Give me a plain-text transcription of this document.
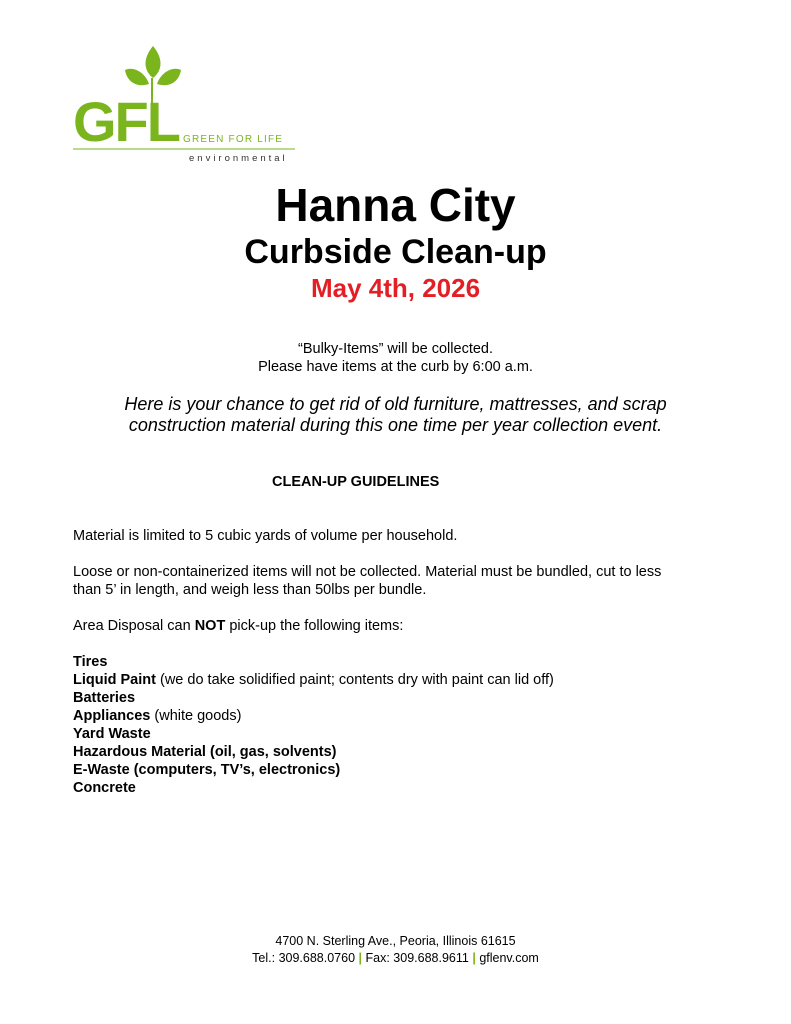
GFL GREEN FOR LIFE
environmental
Hanna City
Curbside Clean-up
May 4th, 2026
“Bulky-Items” will be collected.
Please have items at the curb by 6:00 a.m.
Here is your chance to get rid of old furniture, mattresses, and scrap
construction material during this one time per year collection event.
CLEAN-UP GUIDELINES
Material is limited to 5 cubic yards of volume per household.
Loose or non-containerized items will not be collected. Material must be bundled, cut to less
than 5’ in length, and weigh less than 50lbs per bundle.
Area Disposal can NOT pick-up the following items:
Tires
Liquid Paint (we do take solidified paint; contents dry with paint can lid off)
Batteries
Appliances (white goods)
Yard Waste
Hazardous Material (oil, gas, solvents)
E-Waste (computers, TV’s, electronics)
Concrete
4700 N. Sterling Ave., Peoria, Illinois 61615
Tel.: 309.688.0760 | Fax: 309.688.9611 | gflenv.com
